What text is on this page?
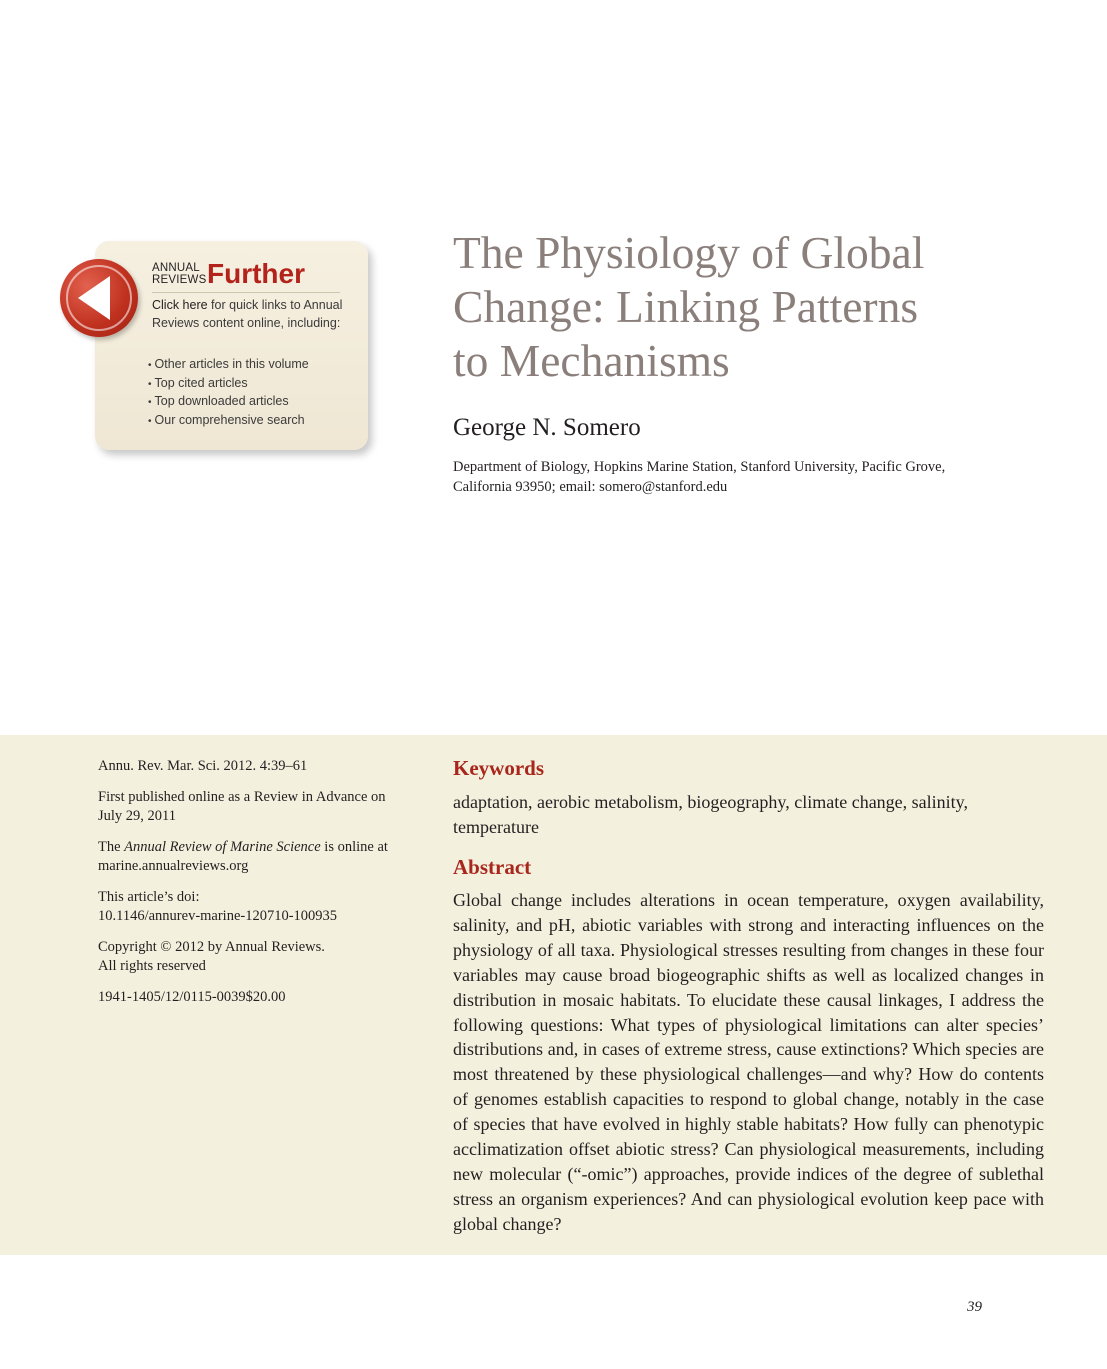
ANNUAL
REVIEWS Further
Click here for quick links to Annual Reviews content online, including:
• Other articles in this volume
• Top cited articles
• Top downloaded articles
• Our comprehensive search
The Physiology of Global
Change: Linking Patterns
to Mechanisms
George N. Somero
Department of Biology, Hopkins Marine Station, Stanford University, Pacific Grove,
California 93950; email: somero@stanford.edu

Annu. Rev. Mar. Sci. 2012. 4:39–61

First published online as a Review in Advance on July 29, 2011

The Annual Review of Marine Science is online at marine.annualreviews.org

This article’s doi:
10.1146/annurev-marine-120710-100935

Copyright © 2012 by Annual Reviews.
All rights reserved

1941-1405/12/0115-0039$20.00

Keywords
adaptation, aerobic metabolism, biogeography, climate change, salinity, temperature
Abstract

Global change includes alterations in ocean temperature, oxygen availability, salinity, and pH, abiotic variables with strong and interacting influences on the physiology of all taxa. Physiological stresses resulting from changes in these four variables may cause broad biogeographic shifts as well as localized changes in distribution in mosaic habitats. To elucidate these causal linkages, I address the following questions: What types of physiological limitations can alter species’ distributions and, in cases of extreme stress, cause extinctions? Which species are most threatened by these physiological challenges—and why? How do contents of genomes establish capacities to respond to global change, notably in the case of species that have evolved in highly stable habitats? How fully can phenotypic acclimatization offset abiotic stress? Can physiological measurements, including new molecular (“-omic”) approaches, provide indices of the degree of sublethal stress an organism experiences? And can physiological evolution keep pace with global change?

39
